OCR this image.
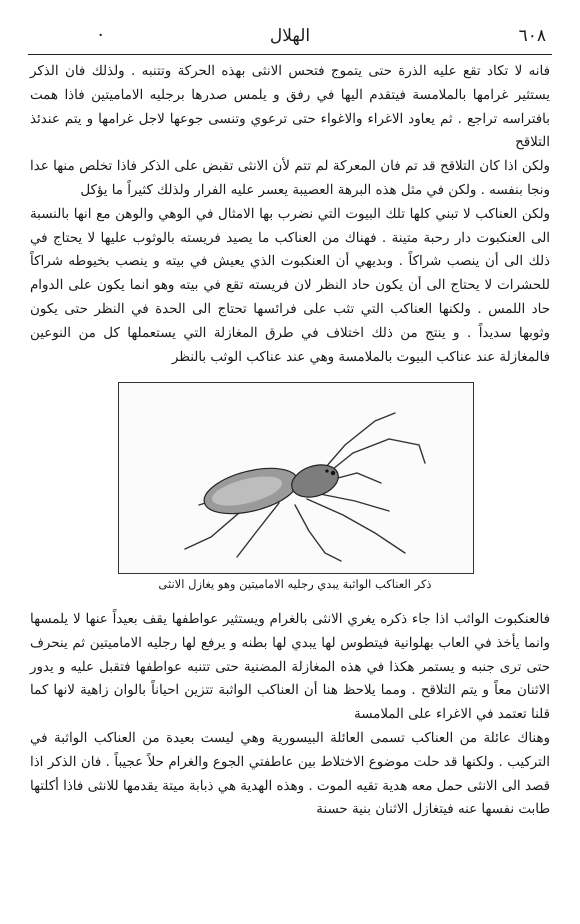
٦٠٨
الهلال
·

فانه لا تكاد تقع عليه الذرة حتى يتموج فتحس الانثى بهذه الحركة وتتنبه . ولذلك فان الذكر يستثير غرامها بالملامسة فيتقدم اليها في رفق و يلمس صدرها برجليه الاماميتين فاذا همت بافتراسه تراجع . ثم يعاود الاغراء والاغواء حتى ترعوي وتنسى جوعها لاجل غرامها و يتم عندئذ التلاقح

ولكن اذا كان التلاقح قد تم فان المعركة لم تتم لأن الانثى تقبض على الذكر فاذا تخلص منها عدا ونجا بنفسه . ولكن في مثل هذه البرهة العصيبة يعسر عليه الفرار ولذلك كثيراً ما يؤكل

ولكن العناكب لا تبني كلها تلك البيوت التي نضرب بها الامثال في الوهي والوهن مع انها بالنسبة الى العنكبوت دار رحبة متينة . فهناك من العناكب ما يصيد فريسته بالوثوب عليها لا يحتاج في ذلك الى أن ينصب شراكاً . وبديهي أن العنكبوت الذي يعيش في بيته و ينصب بخيوطه شراكاً للحشرات لا يحتاج الى أن يكون حاد النظر لان فريسته تقع في بيته وهو انما يكون على الدوام حاد اللمس . ولكنها العناكب التي تثب على فرائسها تحتاج الى الحدة في النظر حتى يكون وثوبها سديداً . و ينتج من ذلك اختلاف في طرق المغازلة التي يستعملها كل من النوعين فالمغازلة عند عناكب البيوت بالملامسة وهي عند عناكب الوثب بالنظر

ذكر العناكب الواثبة يبدي رجليه الاماميتين وهو يغازل الانثى

فالعنكبوت الواثب اذا جاء ذكره يغري الانثى بالغرام ويستثير عواطفها يقف بعيداً عنها لا يلمسها وانما يأخذ في العاب بهلوانية فيتطوس لها يبدي لها بطنه و يرفع لها رجليه الاماميتين ثم ينحرف حتى ترى جنبه و يستمر هكذا في هذه المغازلة المضنية حتى تتنبه عواطفها فتقبل عليه و يدور الاثنان معاً و يتم التلاقح . ومما يلاحظ هنا أن العناكب الواثبة تتزين احياناً بالوان زاهية لانها كما قلنا تعتمد في الاغراء على الملامسة

وهناك عائلة من العناكب تسمى العائلة البيسورية وهي ليست بعيدة من العناكب الواثبة في التركيب . ولكنها قد حلت موضوع الاختلاط بين عاطفتي الجوع والغرام حلاً عجيباً . فان الذكر اذا قصد الى الانثى حمل معه هدية تقيه الموت . وهذه الهدية هي ذبابة ميتة يقدمها للانثى فاذا أكلتها طابت نفسها عنه فيتغازل الاثنان بنية حسنة
